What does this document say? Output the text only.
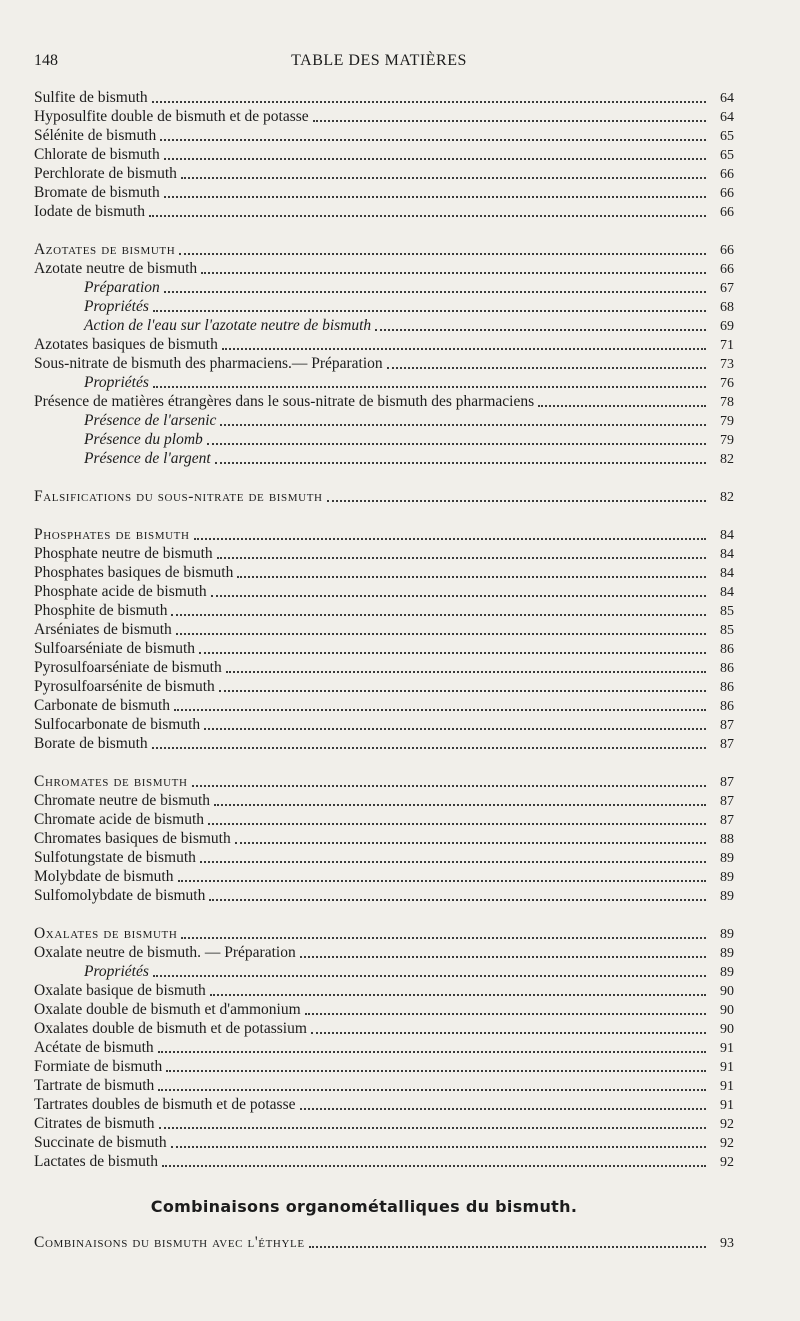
148	TABLE DES MATIÈRES
Sulfite de bismuth	64
Hyposulfite double de bismuth et de potasse	64
Sélénite de bismuth	65
Chlorate de bismuth	65
Perchlorate de bismuth	66
Bromate de bismuth	66
Iodate de bismuth	66
Azotates de bismuth	66
Azotate neutre de bismuth	66
Préparation	67
Propriétés	68
Action de l'eau sur l'azotate neutre de bismuth	69
Azotates basiques de bismuth	71
Sous-nitrate de bismuth des pharmaciens.— Préparation	73
Propriétés	76
Présence de matières étrangères dans le sous-nitrate de bismuth des pharmaciens	78
Présence de l'arsenic	79
Présence du plomb	79
Présence de l'argent	82
Falsifications du sous-nitrate de bismuth	82
Phosphates de bismuth	84
Phosphate neutre de bismuth	84
Phosphates basiques de bismuth	84
Phosphate acide de bismuth	84
Phosphite de bismuth	85
Arséniates de bismuth	85
Sulfoarséniate de bismuth	86
Pyrosulfoarséniate de bismuth	86
Pyrosulfoarsénite de bismuth	86
Carbonate de bismuth	86
Sulfocarbonate de bismuth	87
Borate de bismuth	87
Chromates de bismuth	87
Chromate neutre de bismuth	87
Chromate acide de bismuth	87
Chromates basiques de bismuth	88
Sulfotungstate de bismuth	89
Molybdate de bismuth	89
Sulfomolybdate de bismuth	89
Oxalates de bismuth	89
Oxalate neutre de bismuth. — Préparation	89
Propriétés	89
Oxalate basique de bismuth	90
Oxalate double de bismuth et d'ammonium	90
Oxalates double de bismuth et de potassium	90
Acétate de bismuth	91
Formiate de bismuth	91
Tartrate de bismuth	91
Tartrates doubles de bismuth et de potasse	91
Citrates de bismuth	92
Succinate de bismuth	92
Lactates de bismuth	92
Combinaisons organométalliques du bismuth.
Combinaisons du bismuth avec l'éthyle	93
